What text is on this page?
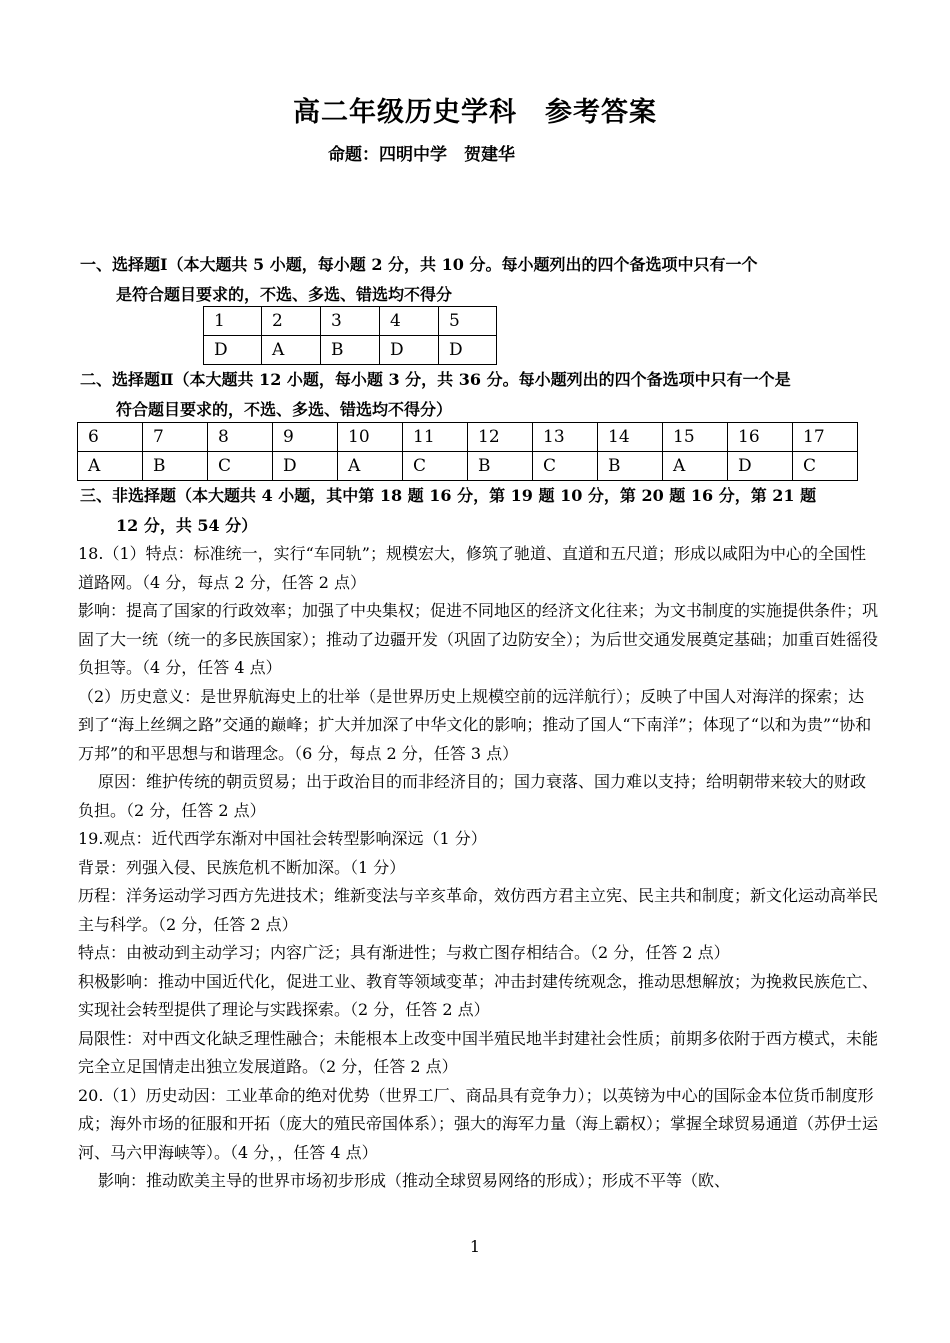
高二年级历史学科　参考答案
命题：四明中学　贺建华
一、选择题Ⅰ（本大题共 5 小题，每小题 2 分，共 10 分。每小题列出的四个备选项中只有一个
是符合题目要求的，不选、多选、错选均不得分
1	2	3	4	5
D	A	B	D	D
二、选择题Ⅱ（本大题共 12 小题，每小题 3 分，共 36 分。每小题列出的四个备选项中只有一个是
符合题目要求的，不选、多选、错选均不得分）
6	7	8	9	10	11	12	13	14	15	16	17
A	B	C	D	A	C	B	C	B	A	D	C
三、非选择题（本大题共 4 小题，其中第 18 题 16 分，第 19 题 10 分，第 20 题 16 分，第 21 题
12 分，共 54 分）

18.（1）特点：标准统一，实行“车同轨”；规模宏大，修筑了驰道、直道和五尺道；形成以咸阳为中心的全国性道路网。（4 分，每点 2 分，任答 2 点）

影响：提高了国家的行政效率；加强了中央集权；促进不同地区的经济文化往来；为文书制度的实施提供条件；巩固了大一统（统一的多民族国家）；推动了边疆开发（巩固了边防安全）；为后世交通发展奠定基础；加重百姓徭役负担等。（4 分，任答 4 点）

（2）历史意义：是世界航海史上的壮举（是世界历史上规模空前的远洋航行）；反映了中国人对海洋的探索；达到了“海上丝绸之路”交通的巅峰；扩大并加深了中华文化的影响；推动了国人“下南洋”；体现了“以和为贵”“协和万邦”的和平思想与和谐理念。（6 分，每点 2 分，任答 3 点）

原因：维护传统的朝贡贸易；出于政治目的而非经济目的；国力衰落、国力难以支持；给明朝带来较大的财政负担。（2 分，任答 2 点）

19.观点：近代西学东渐对中国社会转型影响深远（1 分）

背景：列强入侵、民族危机不断加深。（1 分）

历程：洋务运动学习西方先进技术；维新变法与辛亥革命，效仿西方君主立宪、民主共和制度；新文化运动高举民主与科学。（2 分，任答 2 点）

特点：由被动到主动学习；内容广泛；具有渐进性；与救亡图存相结合。（2 分，任答 2 点）

积极影响：推动中国近代化，促进工业、教育等领域变革；冲击封建传统观念，推动思想解放；为挽救民族危亡、实现社会转型提供了理论与实践探索。（2 分，任答 2 点）

局限性：对中西文化缺乏理性融合；未能根本上改变中国半殖民地半封建社会性质；前期多依附于西方模式，未能完全立足国情走出独立发展道路。（2 分，任答 2 点）

20.（1）历史动因：工业革命的绝对优势（世界工厂、商品具有竞争力）；以英镑为中心的国际金本位货币制度形成；海外市场的征服和开拓（庞大的殖民帝国体系）；强大的海军力量（海上霸权）；掌握全球贸易通道（苏伊士运河、马六甲海峡等）。（4 分，，任答 4 点）

影响：推动欧美主导的世界市场初步形成（推动全球贸易网络的形成）；形成不平等（欧、

1
